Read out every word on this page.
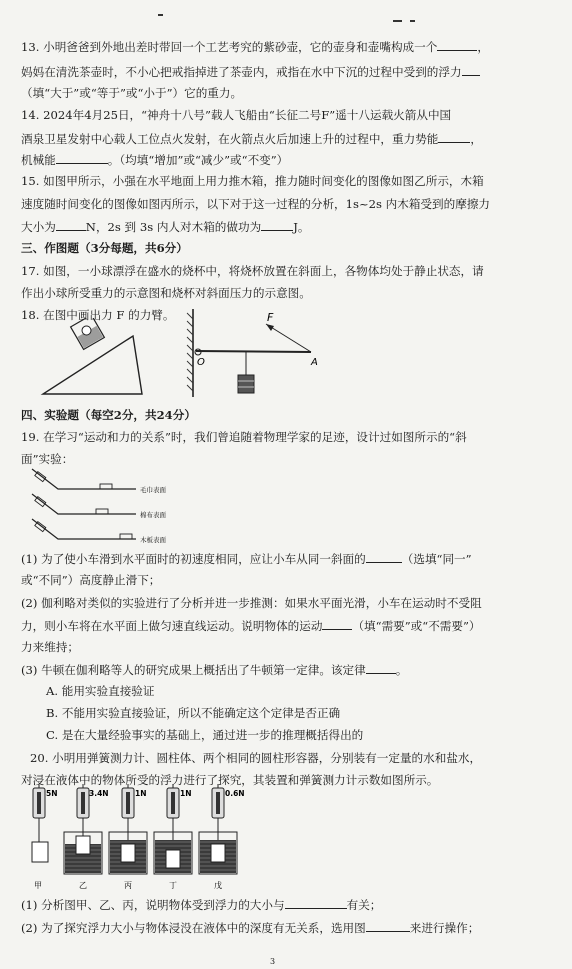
13. 小明爸爸到外地出差时带回一个工艺考究的紫砂壶，它的壶身和壶嘴构成一个	，
妈妈在清洗茶壶时，不小心把戒指掉进了茶壶内，戒指在水中下沉的过程中受到的浮力
（填“大于”或“等于”或“小于”）它的重力。
14. 2024年4月25日，“神舟十八号”载人飞船由“长征二号F”遥十八运载火箭从中国
酒泉卫星发射中心载人工位点火发射，在火箭点火后加速上升的过程中，重力势能	，
机械能	。（均填“增加”或“减少”或“不变”）
15. 如图甲所示，小强在水平地面上用力推木箱，推力随时间变化的图像如图乙所示，木箱
速度随时间变化的图像如图丙所示，以下对于这一过程的分析，1s~2s 内木箱受到的摩擦力
大小为	N，2s 到 3s 内人对木箱的做功为	J。
三、作图题（3分每题，共6分）
17. 如图，一小球漂浮在盛水的烧杯中，将烧杯放置在斜面上，各物体均处于静止状态，请
作出小球所受重力的示意图和烧杯对斜面压力的示意图。
18. 在图中画出力 F 的力臂。	F
O	A
四、实验题（每空2分，共24分）
19. 在学习“运动和力的关系”时，我们曾追随着物理学家的足迹，设计过如图所示的“斜
面”实验：
毛巾表面
棉布表面
木板表面
(1) 为了使小车滑到水平面时的初速度相同，应让小车从同一斜面的	（选填“同一”
或“不同”）高度静止滑下；
(2) 伽利略对类似的实验进行了分析并进一步推测：如果水平面光滑，小车在运动时不受阻
力，则小车将在水平面上做匀速直线运动。说明物体的运动	（填“需要”或“不需要”）
力来维持；
(3) 牛顿在伽利略等人的研究成果上概括出了牛顿第一定律。该定律	。
A. 能用实验直接验证
B. 不能用实验直接验证，所以不能确定这个定律是否正确
C. 是在大量经验事实的基础上，通过进一步的推理概括得出的
20. 小明用弹簧测力计、圆柱体、两个相同的圆柱形容器，分别装有一定量的水和盐水，
对浸在液体中的物体所受的浮力进行了探究，其装置和弹簧测力计示数如图所示。
5N
甲
3.4N
乙
1N
丙
1N
丁
0.6N
戊
(1) 分析图甲、乙、丙，说明物体受到浮力的大小与	有关；
(2) 为了探究浮力大小与物体浸没在液体中的深度有无关系，选用图	来进行操作；
3
